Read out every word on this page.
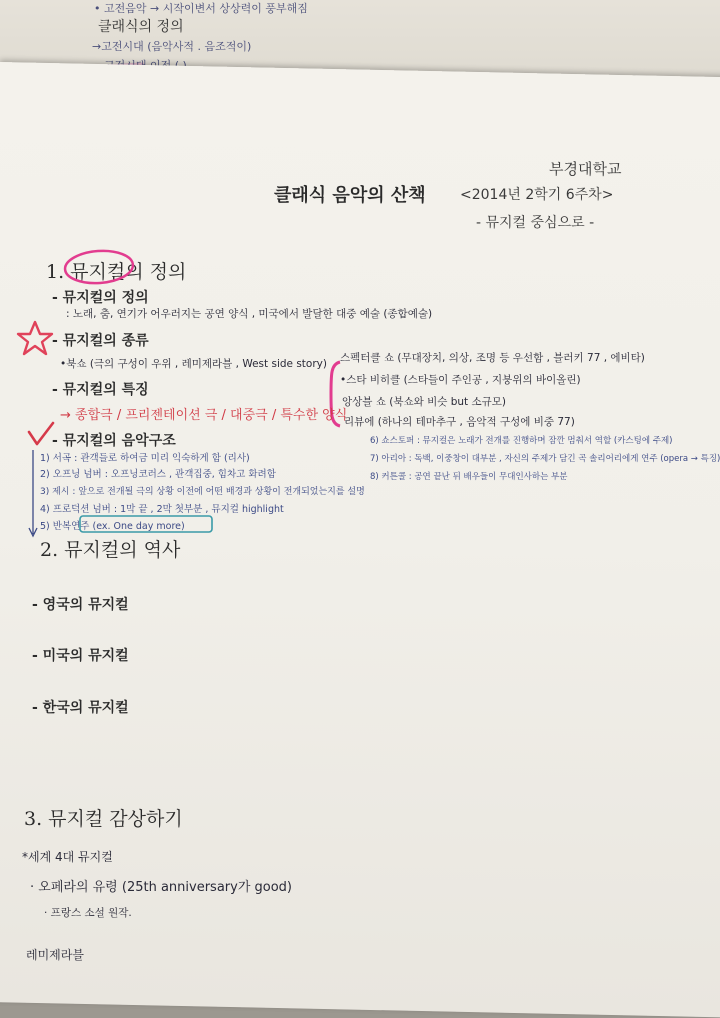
• 고전음악 → 시작이변서 상상력이 풍부해짐
클래식의 정의
→고전시대 (음악사적 . 음조적이)
부경대학교
클래식 음악의 산책 <2014년 2학기 6주차>
- 뮤지컬 중심으로 -
1. 뮤지컬의 정의
- 뮤지컬의 정의
: 노래, 춤, 연기가 어우러지는 공연 양식 , 미국에서 발달한 대중 예술 (종합예술)
- 뮤지컬의 종류
•북쇼 (극의 구성이 우위 , 레미제라블 , West side story) 스펙터클 쇼 (무대장치, 의상, 조명 등 우선함 , 블러키 77 , 에비타)
•스타 비히클 (스타들이 주인공 , 지붕위의 바이올린)
앙상블 쇼 (북쇼와 비슷 but 소규모)
리뷰에 (하나의 테마추구 , 음악적 구성에 비중 77)
- 뮤지컬의 특징
→ 종합극 / 프리젠테이션 극 / 대중극 / 특수한 양식
- 뮤지컬의 음악구조
1) 서곡 : 관객들로 하여금 미리 익숙하게 함 (리사)
2) 오프닝 넘버 : 오프닝코러스 , 관객집중, 힘차고 화려함
3) 제시 : 앞으로 전개될 극의 상황 이전에 어떤 배경과 상황이 전개되었는지를 설명
4) 프로덕션 넘버 : 1막 끝 , 2막 첫부분 , 뮤지컬 highlight
5) 반복연주 (ex. One day more)
6) 쇼스토퍼 : 뮤지컬은 노래가 전개를 진행하며 잠깐 멈춰서 역할 (카스팅에 주제)
7) 아리아 : 독백, 이중창이 대부분 , 자신의 주제가 담긴 곡 솔리어리에게 연주 (opera → 특징)
8) 커튼콜 : 공연 끝난 뒤 배우들이 무대인사하는 부분
2. 뮤지컬의 역사
- 영국의 뮤지컬
- 미국의 뮤지컬
- 한국의 뮤지컬
3. 뮤지컬 감상하기
*세계 4대 뮤지컬
· 오페라의 유령 (25th anniversary가 good)
· 프랑스 소설 원작.
레미제라블
